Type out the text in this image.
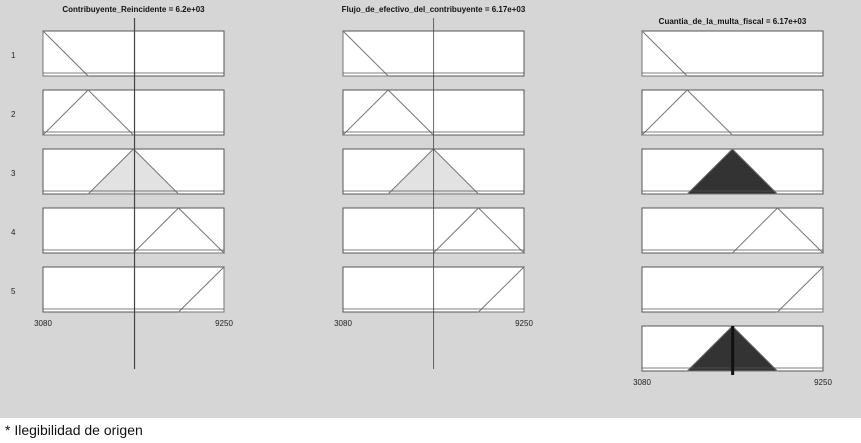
1
2
3
4
5
Contribuyente_Reincidente = 6.2e+03
3080	9250
Flujo_de_efectivo_del_contribuyente = 6.17e+03
3080	9250
Cuantia_de_la_multa_fiscal = 6.17e+03
3080	9250
* Ilegibilidad de origen
